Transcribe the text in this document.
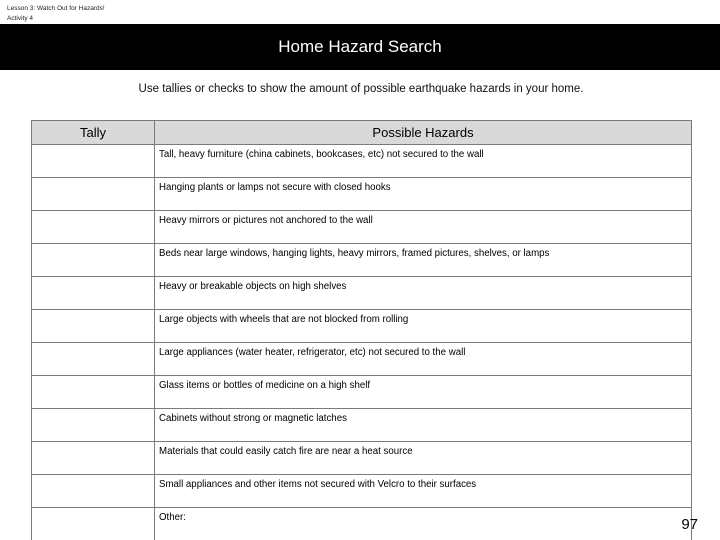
Lesson 3: Watch Out for Hazards!
Activity 4
Home Hazard Search
Use tallies or checks to show the amount of possible earthquake hazards in your home.
Tally	Possible Hazards
	Tall, heavy furniture (china cabinets, bookcases, etc) not secured to the wall
	Hanging plants or lamps not secure with closed hooks
	Heavy mirrors or pictures not anchored to the wall
	Beds near large windows, hanging lights, heavy mirrors, framed pictures, shelves, or lamps
	Heavy or breakable objects on high shelves
	Large objects with wheels that are not blocked from rolling
	Large appliances (water heater, refrigerator, etc) not secured to the wall
	Glass items or bottles of medicine on a high shelf
	Cabinets without strong or magnetic latches
	Materials that could easily catch fire are near a heat source
	Small appliances and other items not secured with Velcro to their surfaces
	Other:	97
